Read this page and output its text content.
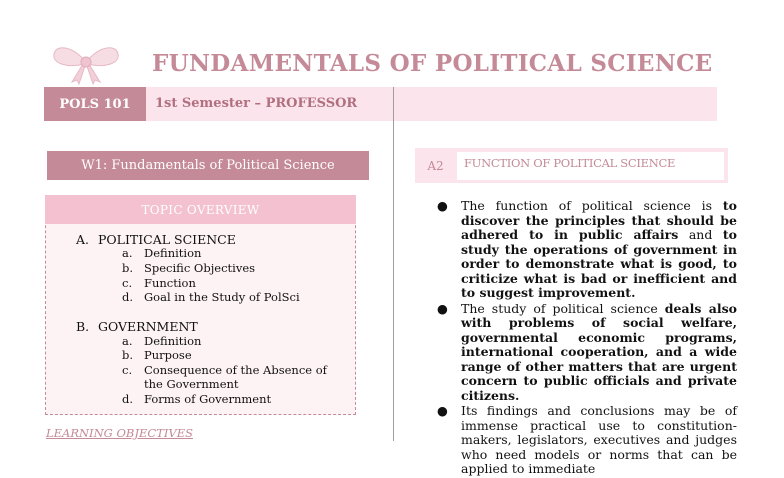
FUNDAMENTALS OF POLITICAL SCIENCE
POLS 101	1st Semester – PROFESSOR
W1: Fundamentals of Political Science
TOPIC OVERVIEW
A. POLITICAL SCIENCE
a. Definition
b. Specific Objectives
c. Function
d. Goal in the Study of PolSci
B. GOVERNMENT
a. Definition
b. Purpose
c. Consequence of the Absence of the Government
d. Forms of Government
LEARNING OBJECTIVES
A2	FUNCTION OF POLITICAL SCIENCE
● The function of political science is to discover the principles that should be adhered to in public affairs and to study the operations of government in order to demonstrate what is good, to criticize what is bad or inefficient and to suggest improvement.
● The study of political science deals also with problems of social welfare, governmental economic programs, international cooperation, and a wide range of other matters that are urgent concern to public officials and private citizens.
● Its findings and conclusions may be of immense practical use to constitution-makers, legislators, executives and judges who need models or norms that can be applied to immediate
